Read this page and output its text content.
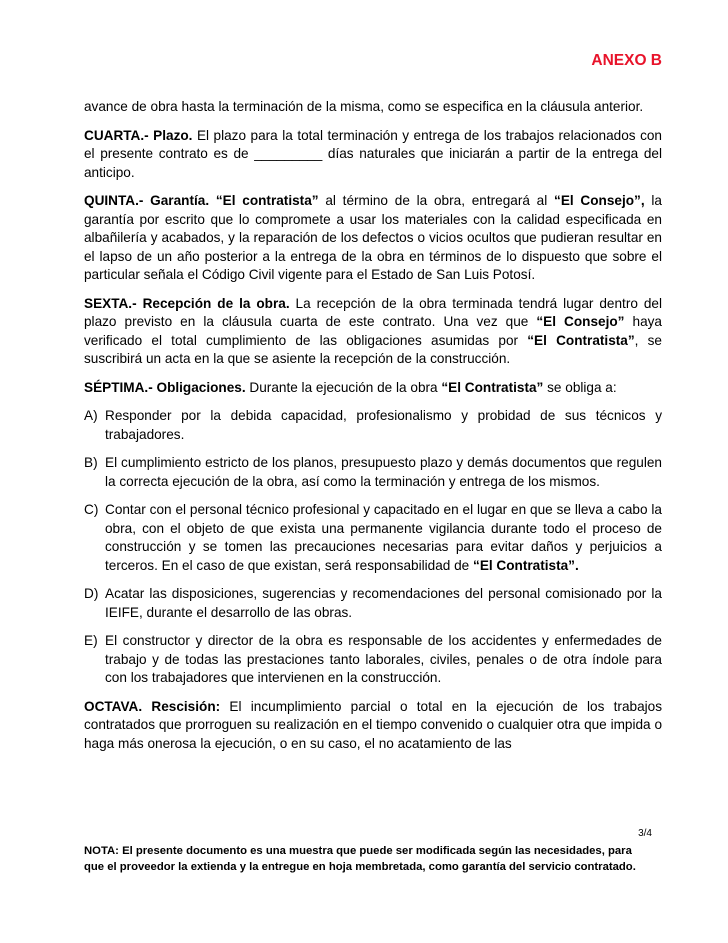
ANEXO B

avance de obra hasta la terminación de la misma, como se especifica en la cláusula anterior.

CUARTA.- Plazo. El plazo para la total terminación y entrega de los trabajos relacionados con el presente contrato es de _________ días naturales que iniciarán a partir de la entrega del anticipo.

QUINTA.- Garantía. “El contratista” al término de la obra, entregará al “El Consejo”, la garantía por escrito que lo compromete a usar los materiales con la calidad especificada en albañilería y acabados, y la reparación de los defectos o vicios ocultos que pudieran resultar en el lapso de un año posterior a la entrega de la obra en términos de lo dispuesto que sobre el particular señala el Código Civil vigente para el Estado de San Luis Potosí.

SEXTA.- Recepción de la obra. La recepción de la obra terminada tendrá lugar dentro del plazo previsto en la cláusula cuarta de este contrato. Una vez que “El Consejo” haya verificado el total cumplimiento de las obligaciones asumidas por “El Contratista”, se suscribirá un acta en la que se asiente la recepción de la construcción.

SÉPTIMA.- Obligaciones. Durante la ejecución de la obra “El Contratista” se obliga a:

A) Responder por la debida capacidad, profesionalismo y probidad de sus técnicos y trabajadores.
B) El cumplimiento estricto de los planos, presupuesto plazo y demás documentos que regulen la correcta ejecución de la obra, así como la terminación y entrega de los mismos.
C) Contar con el personal técnico profesional y capacitado en el lugar en que se lleva a cabo la obra, con el objeto de que exista una permanente vigilancia durante todo el proceso de construcción y se tomen las precauciones necesarias para evitar daños y perjuicios a terceros. En el caso de que existan, será responsabilidad de “El Contratista”.
D) Acatar las disposiciones, sugerencias y recomendaciones del personal comisionado por la IEIFE, durante el desarrollo de las obras.
E) El constructor y director de la obra es responsable de los accidentes y enfermedades de trabajo y de todas las prestaciones tanto laborales, civiles, penales o de otra índole para con los trabajadores que intervienen en la construcción.

OCTAVA. Rescisión: El incumplimiento parcial o total en la ejecución de los trabajos contratados que prorroguen su realización en el tiempo convenido o cualquier otra que impida o haga más onerosa la ejecución, o en su caso, el no acatamiento de las

3/4
NOTA: El presente documento es una muestra que puede ser modificada según las necesidades, para que el proveedor la extienda y la entregue en hoja membretada, como garantía del servicio contratado.
